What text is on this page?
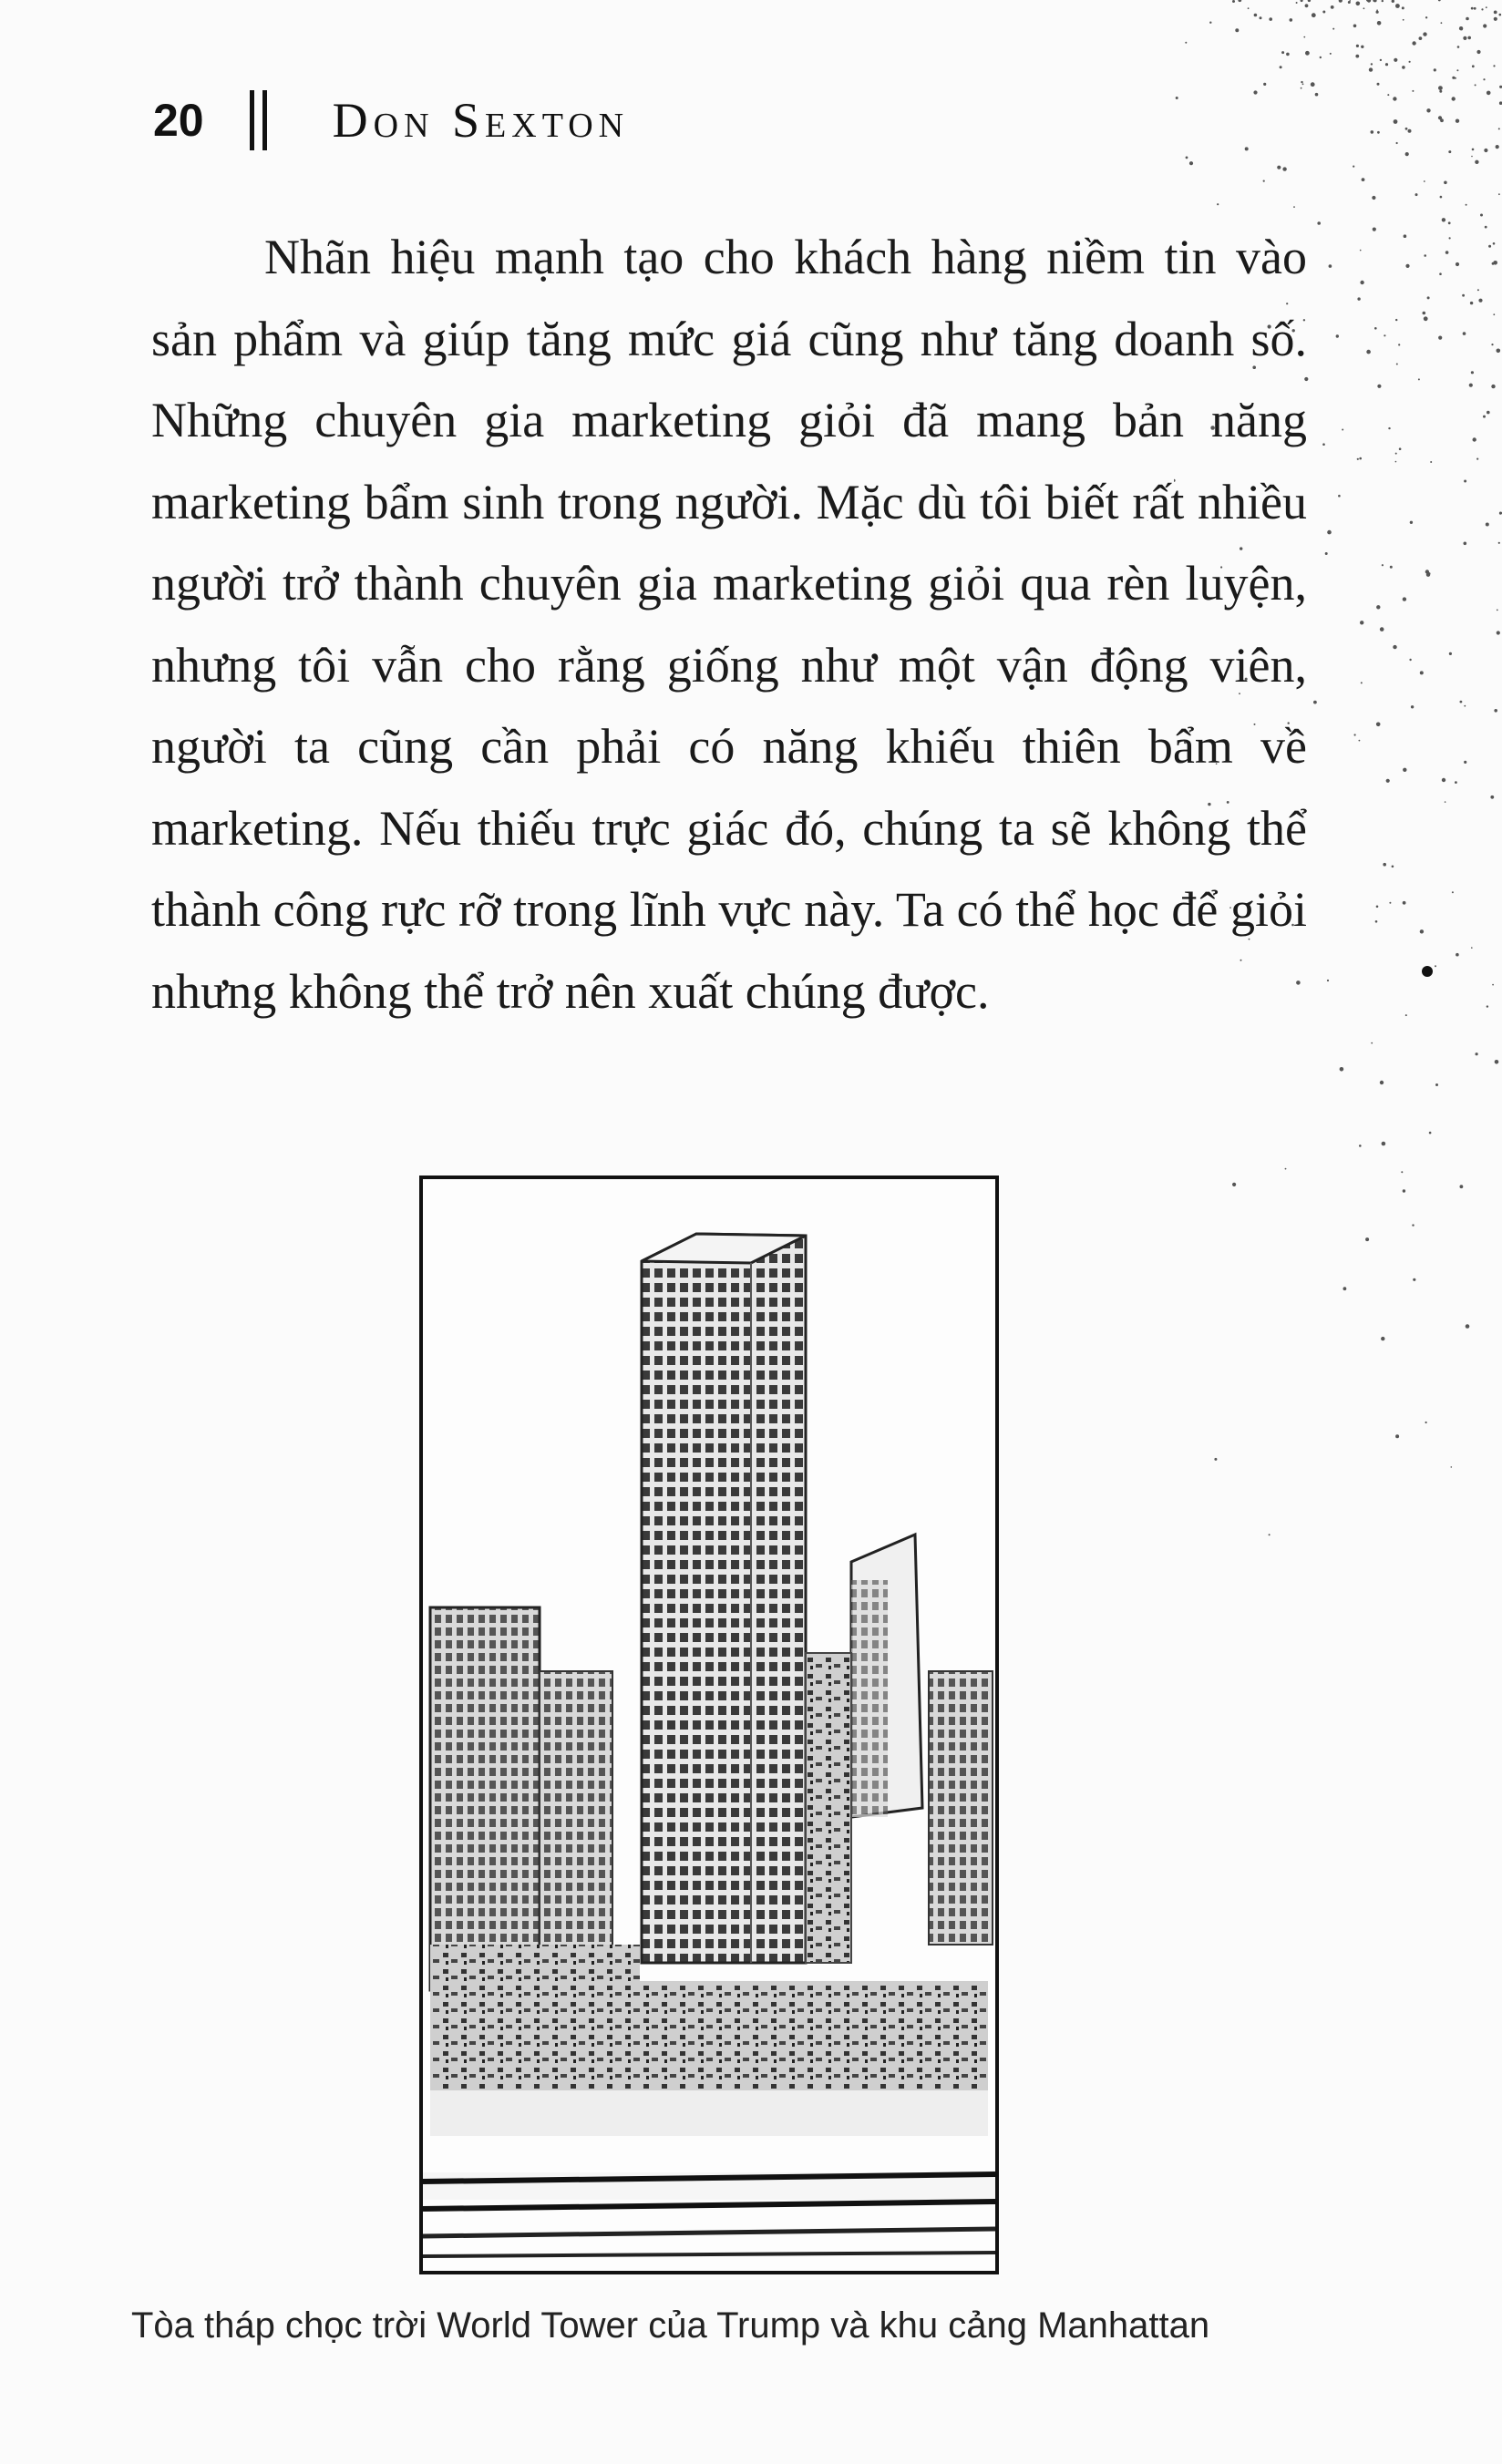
20	Don Sexton

Nhãn hiệu mạnh tạo cho khách hàng niềm tin vào sản phẩm và giúp tăng mức giá cũng như tăng doanh số. Những chuyên gia marketing giỏi đã mang bản năng marketing bẩm sinh trong người. Mặc dù tôi biết rất nhiều người trở thành chuyên gia marketing giỏi qua rèn luyện, nhưng tôi vẫn cho rằng giống như một vận động viên, người ta cũng cần phải có năng khiếu thiên bẩm về marketing. Nếu thiếu trực giác đó, chúng ta sẽ không thể thành công rực rỡ trong lĩnh vực này. Ta có thể học để giỏi nhưng không thể trở nên xuất chúng được.

Tòa tháp chọc trời World Tower của Trump và khu cảng Manhattan
